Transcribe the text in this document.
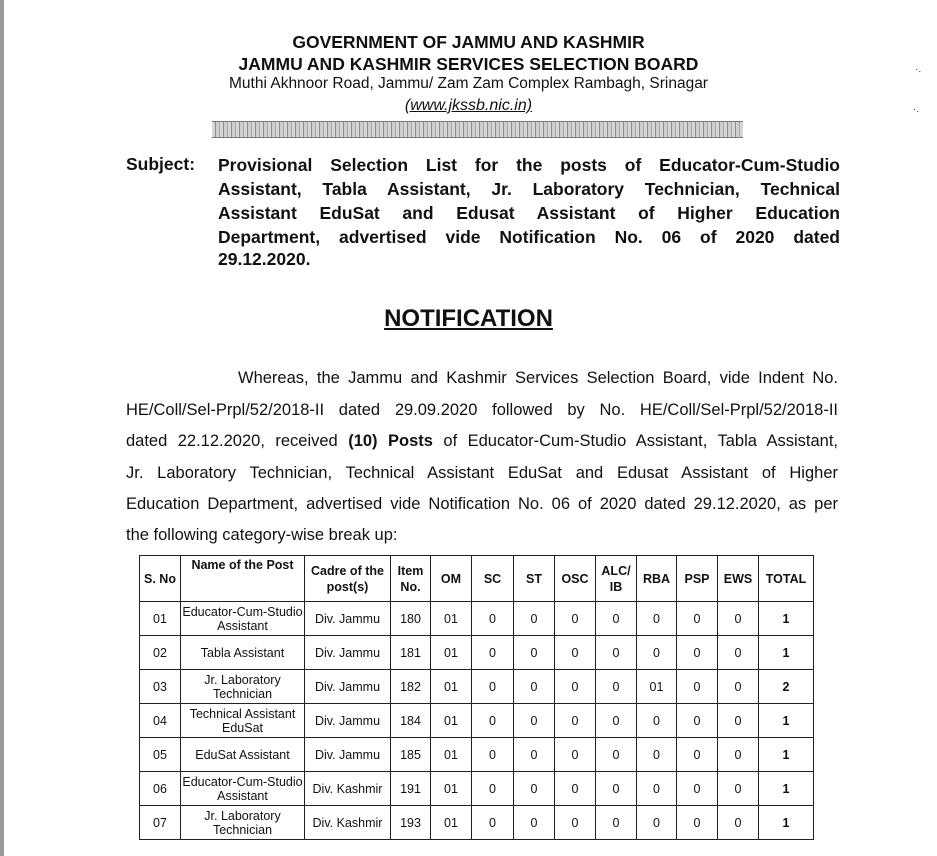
·.
·.
GOVERNMENT OF JAMMU AND KASHMIR
JAMMU AND KASHMIR SERVICES SELECTION BOARD
Muthi Akhnoor Road, Jammu/ Zam Zam Complex Rambagh, Srinagar
(www.jkssb.nic.in)
Subject: Provisional Selection List for the posts of Educator-Cum-Studio
Assistant, Tabla Assistant, Jr. Laboratory Technician, Technical
Assistant EduSat and Edusat Assistant of Higher Education
Department, advertised vide Notification No. 06 of 2020 dated
29.12.2020.
NOTIFICATION
Whereas, the Jammu and Kashmir Services Selection Board, vide Indent No.
HE/Coll/Sel-Prpl/52/2018-II dated 29.09.2020 followed by No. HE/Coll/Sel-Prpl/52/2018-II
dated 22.12.2020, received (10) Posts of Educator-Cum-Studio Assistant, Tabla Assistant,
Jr. Laboratory Technician, Technical Assistant EduSat and Edusat Assistant of Higher
Education Department, advertised vide Notification No. 06 of 2020 dated 29.12.2020, as per
the following category-wise break up:
S. No	Name of the Post	Cadre of the post(s)	Item No.	OM	SC	ST	OSC	ALC/ IB	RBA	PSP	EWS	TOTAL
01	Educator-Cum-Studio Assistant	Div. Jammu	180	01	0	0	0	0	0	0	0	1
02	Tabla Assistant	Div. Jammu	181	01	0	0	0	0	0	0	0	1
03	Jr. Laboratory Technician	Div. Jammu	182	01	0	0	0	0	01	0	0	2
04	Technical Assistant EduSat	Div. Jammu	184	01	0	0	0	0	0	0	0	1
05	EduSat Assistant	Div. Jammu	185	01	0	0	0	0	0	0	0	1
06	Educator-Cum-Studio Assistant	Div. Kashmir	191	01	0	0	0	0	0	0	0	1
07	Jr. Laboratory Technician	Div. Kashmir	193	01	0	0	0	0	0	0	0	1
